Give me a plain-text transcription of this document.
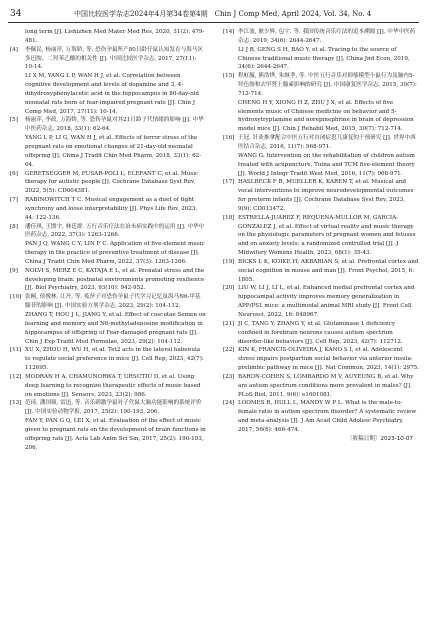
34	中国比较医学杂志2024年4月第34卷第4期　Chin J Comp Med, April 2024, Vol. 34, No. 4
long term [J]. Lishizhen Med Mater Med Res, 2020, 31(2): 479-481.
[4] 李佩民, 杨丽萍, 万海娇, 等. 恐伤孕鼠所产80日龄仔鼠认知发育与海马区多巴胺、二羟苯乙酸的相关性 [J]. 中国比较医学杂志, 2017, 27(11): 10-14.
LI X M, YANG L P, WAN H J, et al. Correlation between cognitive development and levels of dopamine and 3, 4-dihydroxyphenylacetic acid in the hippocampus in 80-day-old neonatal rats born of fear-impaired pregnant rats [J]. Chin J Comp Med, 2017, 27(11): 10-14.
[5] 杨丽萍, 李政, 万海娇, 等. 恐伤孕鼠对其21日龄子代情绪的影响 [J]. 中华中医药杂志, 2018, 33(1): 62-64.
YANG L P, LI G, WAN H J, et al. Effects of terror stress of the pregnant rats on emotional changes of 21-day-old neonatal offspring [J]. China J Tradit Chin Med Pharm, 2018, 33(1): 62-64.
[6] GERETSEGGER M, FUSAR-POLI L, ELEFANT C, et al. Music therapy for autistic people [J]. Cochrane Database Syst Rev, 2022, 5(5): CD004381.
[7] RABINOWITCH T C. Musical engagement as a duet of tight synchrony and loose interpretability [J]. Phys Life Rev, 2023, 44: 122-136.
[8] 潘佳琪, 王馈宇, 林廷群. 五行音乐疗法在治未病实践中的运用 [J]. 中华中医药杂志, 2022, 37(3): 1263-1266.
PAN J Q, WANG C Y, LIN F C. Application of five-element music therapy in the practice of preventive treatment of disease [J]. China J Tradit Chin Med Pharm, 2022, 37(3): 1263-1266.
[9] NOLVI S, MERZ E C, KATAJA E L, et al. Prenatal stress and the developing brain: postnatal environments promoting resilience [J]. Biol Psychiatry, 2023, 93(10): 942-952.
[10] 张桐, 侯俊林, 江丹, 等. 菟丝子对恐伤孕鼠子代学习记忆及海马N6-甲基腺苷的影响 [J]. 中国实验方剂学杂志, 2023, 29(2): 104-112.
ZHANG T, HOU J L, JIANG Y, et al. Effect of cuscutae Semen on learning and memory and N6-methyladenosine modification in hippocampus of offspring of Fear-damaged pregnant rats [J]. Chin J Exp Tradit Med Formulae, 2023, 29(2): 104-112.
[11] XU X, ZHOU H, WU H, et al. Tet2 acts in the lateral habenula to regulate social preference in mice [J]. Cell Rep, 2023, 42(7): 112695.
[12] MODRAN H A, CHAMUNORWA T, URSUTIU D, et al. Using deep learning to recognize therapeutic effects of music based on emotions [J]. Sensors, 2023, 23(2): 986.
[13] 范琦, 潘国强, 雷迅, 等. 音乐刺激孕鼠对子代鼠大脑功能影响的系统评价 [J]. 中国实验动物学报, 2017, 25(2): 190-193, 206.
FAN Y, PAN G Q, LEI X, et al. Evaluation of the effect of music given to pregnant rats on the development of brain functions in offspring rats [J]. Acta Lab Anim Sci Sin, 2017, 25(2): 190-193, 206.
[14] 李江波, 耿少辉, 包宇, 等. 我国传统音乐疗法的追本溯源 [J]. 中华中医药杂志, 2019, 34(6): 2644-2647.
LI J B, GENG S H, BAO Y, et al. Tracing to the source of Chinese traditional music therapy [J]. China Jnd Econ, 2019, 34(6): 2644-2647.
[15] 程虹毓, 熊浩烨, 朱继孝, 等. 中医五行音乐对抑郁模型小鼠行为及脑内5-羟色胺和去甲肾上腺素影响的研究 [J]. 中国康复医学杂志, 2015, 30(7): 712-714.
CHENG H Y, XIONG H Z, ZHU J X, et al. Effects of five elements music of Chinese medicine on behavior and 5-hydroxytryptamine and norepinephrine in brain of depression model mice [J]. Chin J Rehabil Med, 2015, 30(7): 712-714.
[16] 王冠. 针灸推拿配合中医五行对自闭症患儿康复的干预研究 [J]. 世界中西医结合杂志, 2016, 11(7): 968-971.
WANG G. Intervention on the rehabilitation of children autism treated with acupuncture, Tuina and TCM five-element theory [J]. World J Integr Tradit West Med, 2016, 11(7): 968-971.
[17] HASLBECK F B, MUELLER K, KAREN T, et al. Musical and vocal interventions to improve neurodevelopmental outcomes for preterm infants [J]. Cochrane Database Syst Rev, 2023, 9(9): CD013472.
[18] ESTRELLA-JUAREZ F, REQUENA-MULLOR M, GARCIA-GONZALEZ J, et al. Effect of virtual reality and music therapy on the physiologic parameters of pregnant women and fetuses and on anxiety levels: a randomized controlled trial [J]. J Midwifery Womens Health, 2023, 68(1): 35-43.
[19] BICKS L K, KOIKE H, AKBARIAN S, et al. Prefrontal cortex and social cognition in mouse and man [J]. Front Psychol, 2015, 6: 1805.
[20] LIU W, LI J, LI L, et al. Enhanced medial prefrontal cortex and hippocampal activity improves memory generalization in APP/PS1 mice: a multimodal animal MRI study [J]. Front Cell Neurosci, 2022, 16: 848967.
[21] JI C, TANG Y, ZHANG Y, et al. Glutaminase 1 deficiency confined in forebrain neurons causes autism spectrum disorder-like behaviors [J]. Cell Rep, 2023, 42(7): 112712.
[22] KIN K, FRANCIS-OLIVEIRA J, KANO S I, et al. Adolescent stress impairs postpartum social behavior via anterior insula-prelimbic pathway in mice [J]. Nat Commun, 2023, 14(1): 2975.
[23] BARON-COHEN S, LOMBARDO M V, AUYEUNG B, et al. Why are autism spectrum conditions more prevalent in males? [J]. PLoS Biol, 2011, 9(6): e1001081.
[24] LOOMES R, HULL L, MANDY W P L. What is the male-to-female ratio in autism spectrum disorder? A systematic review and meta-analysis [J]. J Am Acad Child Adolesc Psychiatry, 2017, 56(6): 466-474.
〔收稿日期〕2023-10-07
